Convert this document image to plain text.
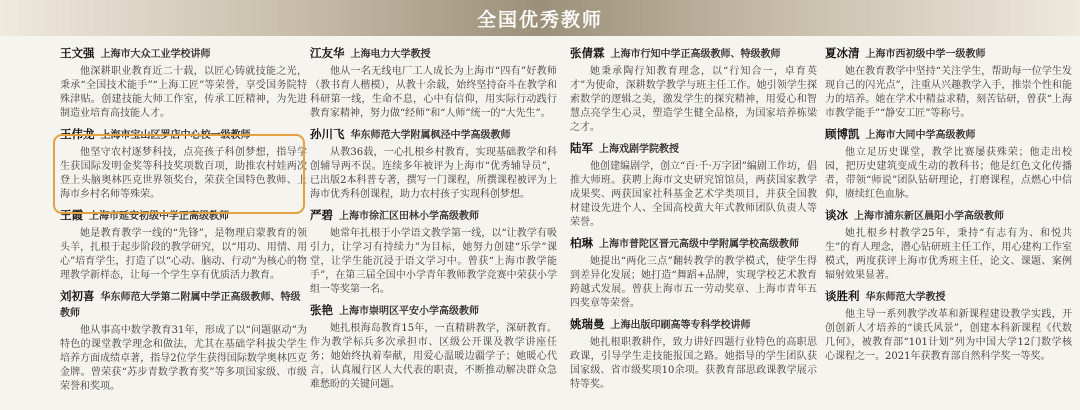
全国优秀教师
王文强 上海市大众工业学校讲师

他深耕职业教育近二十载，以匠心铸就技能之光，秉承“全国技术能手”“上海工匠”等荣誉，享受国务院特殊津贴。创建技能大师工作室，传承工匠精神，为先进制造业培育高技能人才。

王伟龙 上海市宝山区罗店中心校一级教师

他坚守农村逐梦科技，点亮孩子科创梦想，指导学生获国际发明金奖等科技奖项数百项，助推农村娃两次登上头脑奥林匹克世界领奖台，荣获全国特色教师、上海市乡村名师等殊荣。

王霞 上海市延安初级中学正高级教师

她是教育教学一线的“先锋”，是物理启蒙教育的领头羊，扎根于起步阶段的教学研究，以“用功、用情、用心”培育学生，打造了以“心动、脑动、行动”为核心的物理教学新样态，让每一个学生享有优质活力教育。

刘初喜 华东师范大学第二附属中学正高级教师、特级教师

他从事高中数学教育31年，形成了以“问题驱动”为特色的课堂教学理念和做法，尤其在基础学科拔尖学生培养方面成绩卓著，指导2位学生获得国际数学奥林匹克金牌。曾荣获“苏步青数学教育奖”等多项国家级、市级荣誉和奖项。

江友华 上海电力大学教授

他从一名无线电厂工人成长为上海市“四有”好教师（教书育人楷模），从教十余载，始终坚持奋斗在教学和科研第一线，生命不息，心中有信仰，用实际行动践行教育家精神，努力做“经师”和“人师”统一的“大先生”。

孙川飞 华东师范大学附属枫泾中学高级教师

从教36载，一心扎根乡村教育，实现基础教学和科创辅导两不误。连续多年被评为上海市“优秀辅导员”，已出版2本科普专著，撰写一门课程，所撰课程被评为上海市优秀科创课程，助力农村孩子实现科创梦想。

严碧 上海市徐汇区田林小学高级教师

她常年扎根于小学语文教学第一线，以“让教学有吸引力，让学习有持续力”为目标，她努力创建“乐学”课堂，让学生能沉浸于语文学习中。曾获“上海市教学能手”，在第三届全国中小学青年教师教学竞赛中荣获小学组一等奖第一名。

张艳 上海市崇明区平安小学高级教师

她扎根海岛教育15年，一直精耕教学，深研教育。作为教学标兵多次承担市、区级公开课及教学讲座任务；她始终执着奉献，用爱心温暖边疆学子；她暖心代言，认真履行区人大代表的职责，不断推动解决群众急难愁盼的关键问题。

张倩霖 上海市行知中学正高级教师、特级教师

她秉承陶行知教育理念，以“行知合一，卓育英才”为使命，深耕数学教学与班主任工作。她引领学生探索数学的逻辑之美，激发学生的探究精神，用爱心和智慧点亮学生心灵，塑造学生健全品格，为国家培养栋梁之才。

陆军 上海戏剧学院教授

他创建编剧学，创立“百·千·万字团”编剧工作坊，倡推大师班。获聘上海市文史研究馆馆员，两获国家教学成果奖、两获国家社科基金艺术学类项目，并获全国教材建设先进个人、全国高校黄大年式教师团队负责人等荣誉。

柏琳 上海市普陀区晋元高级中学附属学校高级教师

她提出“两化三点”翻转教学的教学模式，使学生得到差异化发展；她打造“舞蹈+品牌，实现学校艺术教育跨越式发展。曾获上海市五一劳动奖章、上海市青年五四奖章等荣誉。

姚瑞曼 上海出版印刷高等专科学校讲师

她扎根职教耕作，致力讲好四题行业特色的高职思政课，引导学生走技能报国之路。她指导的学生团队获国家级、省市级奖项10余项。获教育部思政课教学展示特等奖。

夏冰清 上海市西初级中学一级教师

她在教育教学中坚持“关注学生，帮助每一位学生发现自己的闪光点”，注重从兴趣教学入手，推崇个性和能力的培养。她在学术中精益求精，刻苦钻研，曾获“上海市教学能手”“静安工匠”等称号。

顾博凯 上海市大同中学高级教师

他立足历史课堂，教学比赛屡获殊荣；他走出校园，把历史建筑变成生动的教科书；他是红色文化传播者，带领“师说”团队钻研理论，打磨课程，点燃心中信仰，赓续红色血脉。

谈冰 上海市浦东新区晨阳小学高级教师

她扎根乡村教学25年，秉持“有志有为、和悦共生”的育人理念，潜心钻研班主任工作，用心建构工作室模式，两度获评上海市优秀班主任，论文、课题、案例辐射效果显著。

谈胜利 华东师范大学教授

他主导一系列教学改革和新课程建设教学实践，开创创新人才培养的“谈氏风景”，创建本科新课程《代数几何》，被教育部“101计划”列为中国大学12门数学核心课程之一。2021年获教育部自然科学奖一等奖。
